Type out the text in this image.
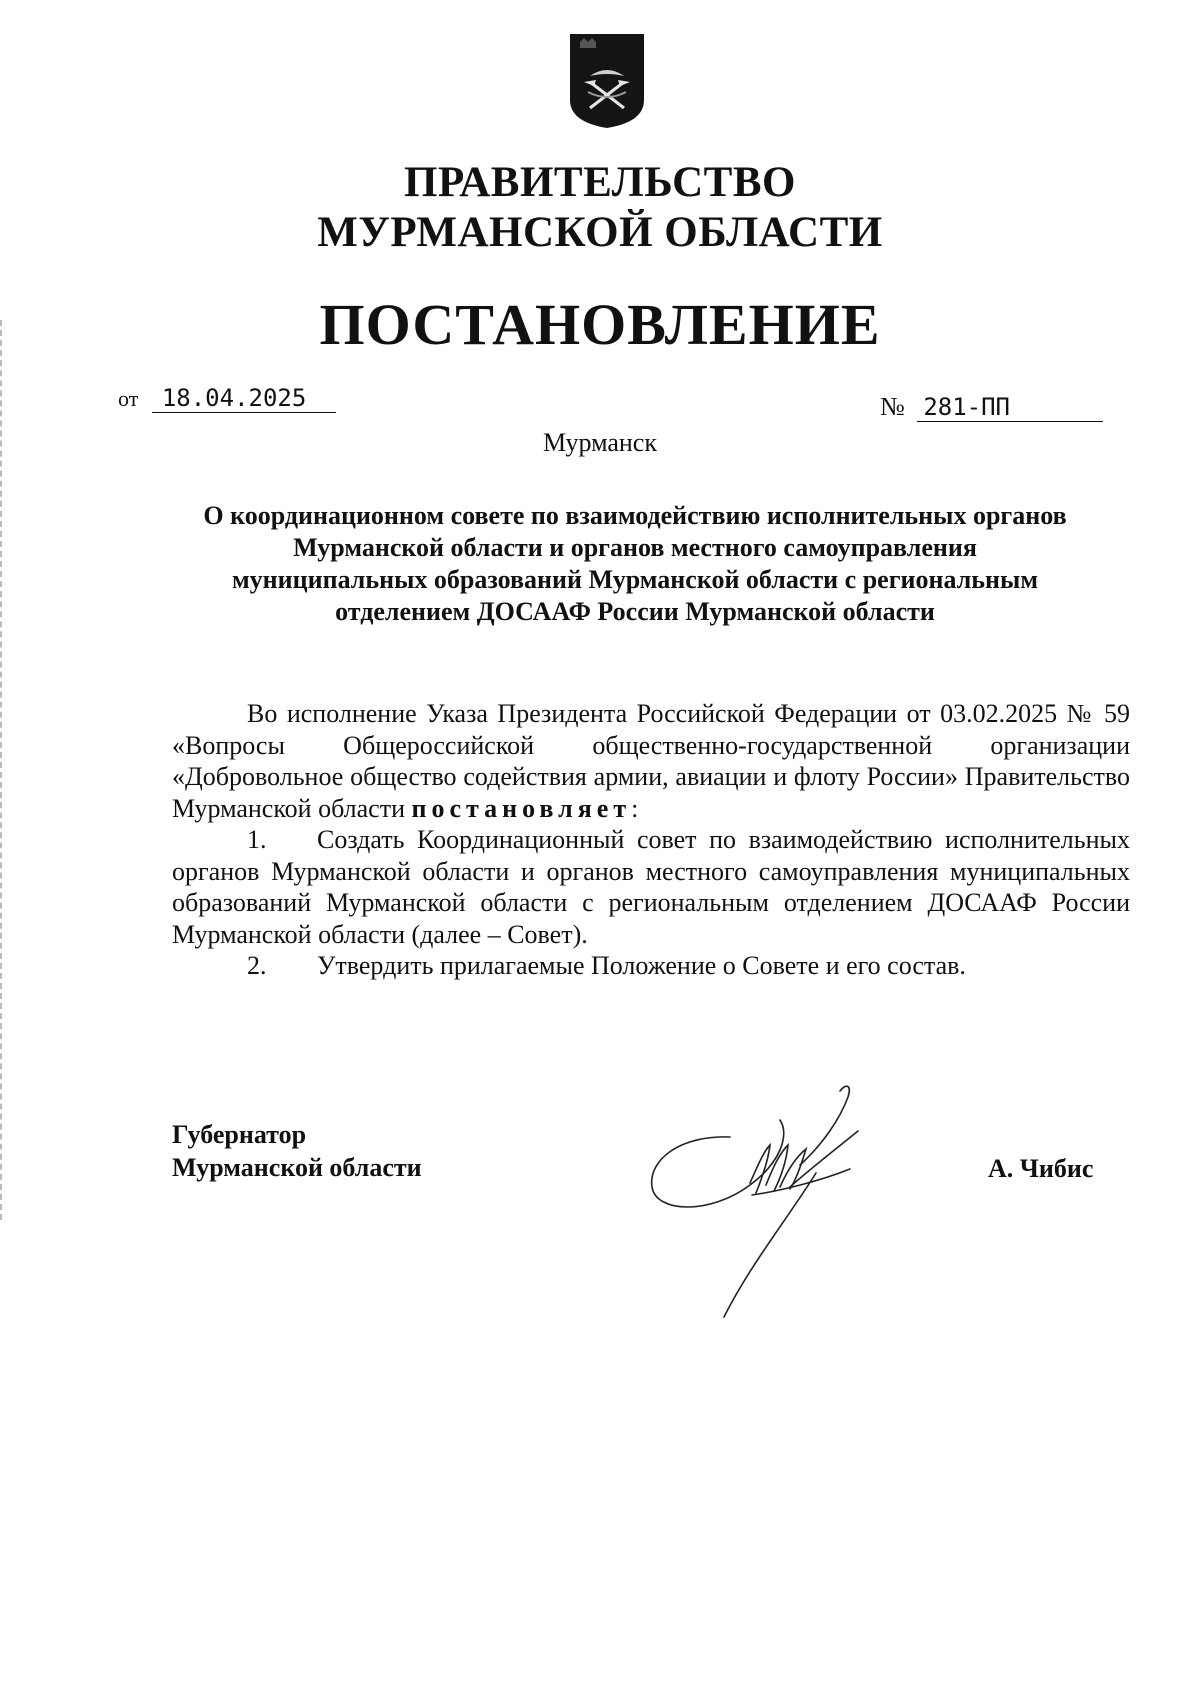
ПРАВИТЕЛЬСТВО
МУРМАНСКОЙ ОБЛАСТИ
ПОСТАНОВЛЕНИЕ
от 18.04.2025	№ 281-ПП
Мурманск
О координационном совете по взаимодействию исполнительных органов
Мурманской области и органов местного самоуправления
муниципальных образований Мурманской области с региональным
отделением ДОСААФ России Мурманской области

Во исполнение Указа Президента Российской Федерации от 03.02.2025 № 59 «Вопросы Общероссийской общественно-государственной организации «Добровольное общество содействия армии, авиации и флоту России» Правительство Мурманской области постановляет:

1. Создать Координационный совет по взаимодействию исполнительных органов Мурманской области и органов местного самоуправления муниципальных образований Мурманской области с региональным отделением ДОСААФ России Мурманской области (далее – Совет).

2. Утвердить прилагаемые Положение о Совете и его состав.

Губернатор
Мурманской области	А. Чибис
